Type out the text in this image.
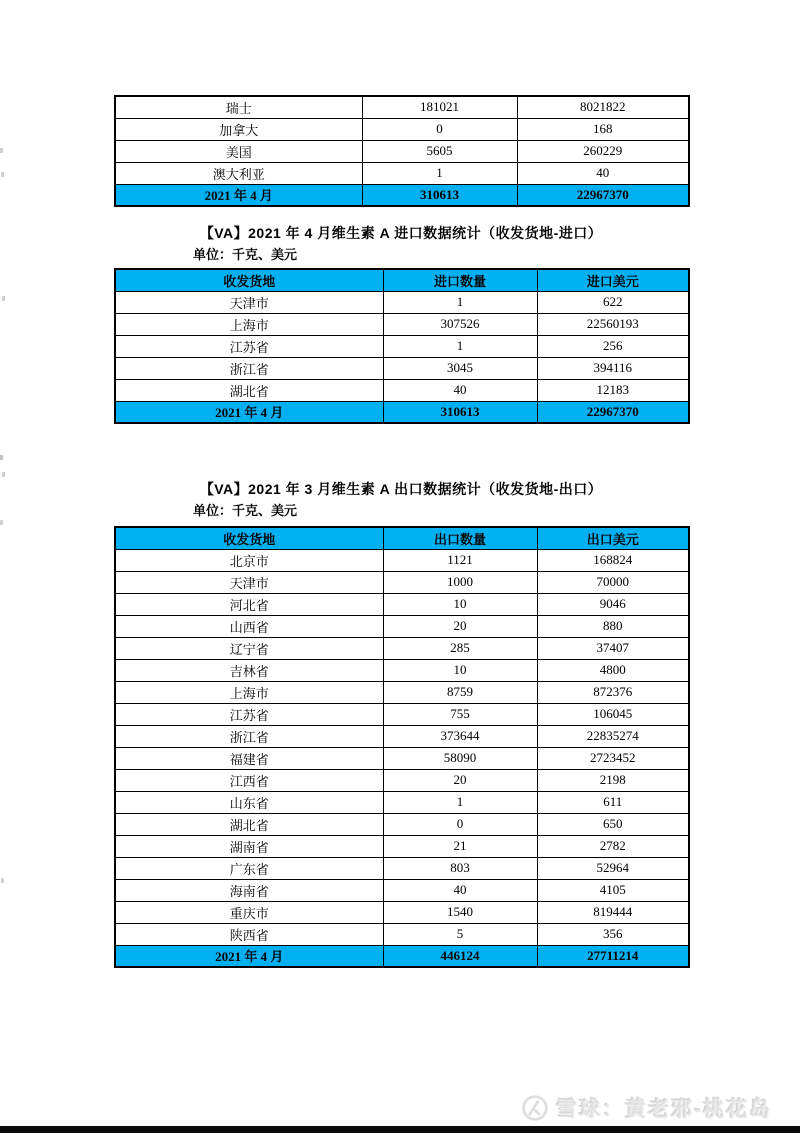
瑞士	181021	8021822
加拿大	0	168
美国	5605	260229
澳大利亚	1	40
2021 年 4 月	310613	22967370
【VA】2021 年 4 月维生素 A 进口数据统计（收发货地-进口）
单位：千克、美元
收发货地	进口数量	进口美元
天津市	1	622
上海市	307526	22560193
江苏省	1	256
浙江省	3045	394116
湖北省	40	12183
2021 年 4 月	310613	22967370
【VA】2021 年 3 月维生素 A 出口数据统计（收发货地-出口）
单位：千克、美元
收发货地	出口数量	出口美元
北京市	1121	168824
天津市	1000	70000
河北省	10	9046
山西省	20	880
辽宁省	285	37407
吉林省	10	4800
上海市	8759	872376
江苏省	755	106045
浙江省	373644	22835274
福建省	58090	2723452
江西省	20	2198
山东省	1	611
湖北省	0	650
湖南省	21	2782
广东省	803	52964
海南省	40	4105
重庆市	1540	819444
陕西省	5	356
2021 年 4 月	446124	27711214
雪球：黄老邪-桃花岛
